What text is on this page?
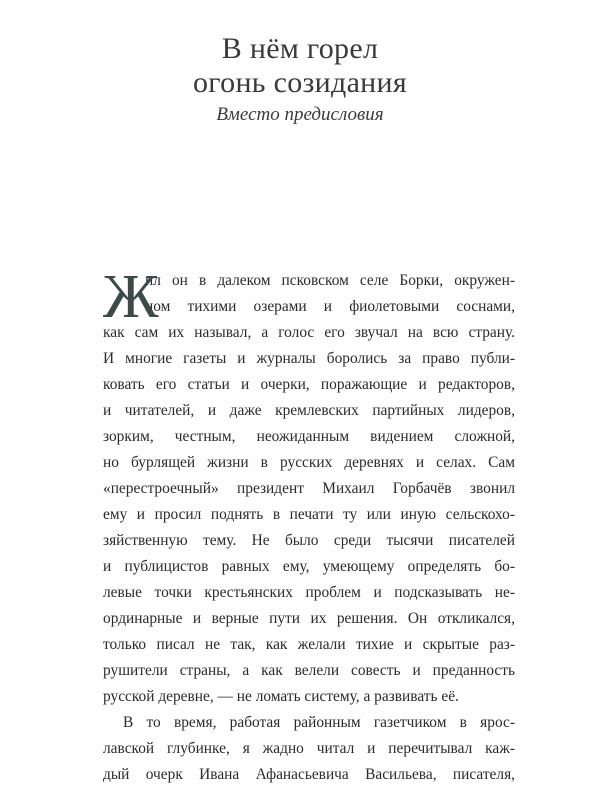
В нём горел
огонь созидания
Вместо предисловия
Ж
ил он в далеком псковском селе Борки, окружен-
ном тихими озерами и фиолетовыми соснами,
как сам их называл, а голос его звучал на всю страну.
И многие газеты и журналы боролись за право публи-
ковать его статьи и очерки, поражающие и редакторов,
и читателей, и даже кремлевских партийных лидеров,
зорким, честным, неожиданным видением сложной,
но бурлящей жизни в русских деревнях и селах. Сам
«перестроечный» президент Михаил Горбачёв звонил
ему и просил поднять в печати ту или иную сельскохо-
зяйственную тему. Не было среди тысячи писателей
и публицистов равных ему, умеющему определять бо-
левые точки крестьянских проблем и подсказывать не-
ординарные и верные пути их решения. Он откликался,
только писал не так, как желали тихие и скрытые раз-
рушители страны, а как велели совесть и преданность
русской деревне, — не ломать систему, а развивать её.
В то время, работая районным газетчиком в ярос-
лавской глубинке, я жадно читал и перечитывал каж-
дый очерк Ивана Афанасьевича Васильева, писателя,
